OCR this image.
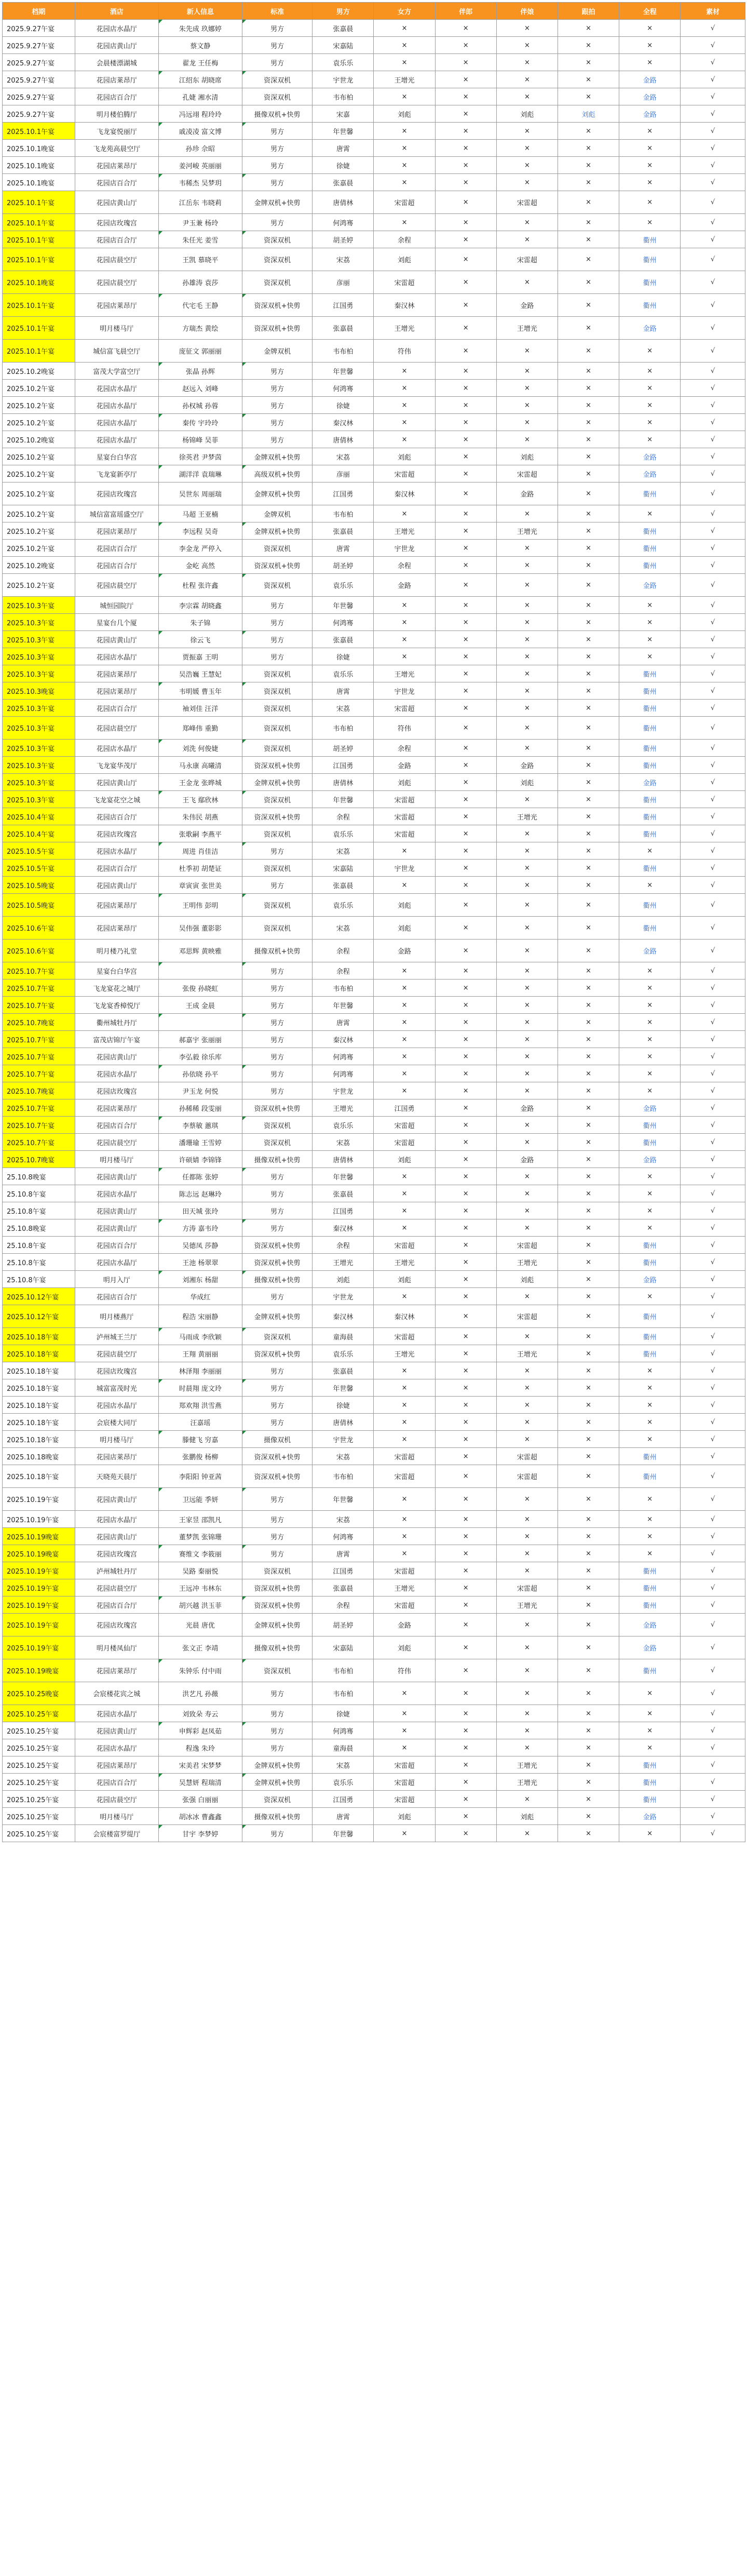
档期	酒店	新人信息	标准	男方	女方	伴郎	伴娘	跟拍	全程	素材
2025.9.27午宴	花园店水晶厅	朱先成 玖娜婷	男方	张嘉晨	×	×	×	×	×	√
2025.9.27午宴	花园店黄山厅	蔡文静	男方	宋嘉陆	×	×	×	×	×	√
2025.9.27午宴	会晨楼漂湖城	翟龙 王任梅	男方	袁乐乐	×	×	×	×	×	√
2025.9.27午宴	花园店莱昂厅	江绍东 胡晓席	资深双机	宇世龙	王增光	×	×	×	金路	√
2025.9.27午宴	花园店百合厅	孔婕 湘水清	资深双机	韦布柏	×	×	×	×	金路	√
2025.9.27午宴	明月楼伯腾厅	冯远翊 程玲玲	摄像双机+快剪	宋嘉	刘彪	×	刘彪	刘彪	金路	√
2025.10.1午宴	飞龙宴悦丽厅	戚凌凌 富文博	男方	年世馨	×	×	×	×	×	√
2025.10.1晚宴	飞龙苑高晨空厅	孙珍 佘昭	男方	唐霄	×	×	×	×	×	√
2025.10.1晚宴	花园店莱昂厅	姜河峻 英丽丽	男方	徐婕	×	×	×	×	×	√
2025.10.1晚宴	花园店百合厅	韦稀杰 吴梦玥	男方	张嘉晨	×	×	×	×	×	√
2025.10.1午宴	花园店黄山厅	江岳东 韦晓莉	金牌双机+快剪	唐倩林	宋雷超	×	宋雷超	×	×	√
2025.10.1午宴	花园店玫瑰宫	尹玉兼 杨玲	男方	何鸿骞	×	×	×	×	×	√
2025.10.1午宴	花园店百合厅	朱任光 姜雪	资深双机	胡圣婷	余程	×	×	×	衢州	√
2025.10.1午宴	花园店晨空厅	王凯 慕晓平	资深双机	宋荔	刘彪	×	宋雷超	×	衢州	√
2025.10.1晚宴	花园店晨空厅	孙雄涛 袁莎	资深双机	彦丽	宋雷超	×	×	×	衢州	√
2025.10.1午宴	花园店莱昂厅	代宅毛 王静	资深双机+快剪	江国勇	秦汉林	×	金路	×	衢州	√
2025.10.1午宴	明月楼马厅	方瑞杰 黄绘	资深双机+快剪	张嘉晨	王增光	×	王增光	×	金路	√
2025.10.1午宴	城信富飞晨空厅	庞征文 郭丽丽	金牌双机	韦布柏	符伟	×	×	×	×	√
2025.10.2晚宴	富茂大学富空厅	张晶 孙辉	男方	年世馨	×	×	×	×	×	√
2025.10.2午宴	花园店水晶厅	赵远入 刘峰	男方	何鸿骞	×	×	×	×	×	√
2025.10.2午宴	花园店水晶厅	孙权城 孙蓉	男方	徐婕	×	×	×	×	×	√
2025.10.2午宴	花园店水晶厅	秦传 宇玲玲	男方	秦汉林	×	×	×	×	×	√
2025.10.2晚宴	花园店水晶厅	杨锦峰 吴菲	男方	唐倩林	×	×	×	×	×	√
2025.10.2午宴	星宴台白华宫	徐英君 尹梦茵	金牌双机+快剪	宋荔	刘彪	×	刘彪	×	金路	√
2025.10.2午宴	飞龙宴新亭厅	湖洋洋 袁瑞琳	高级双机+快剪	彦丽	宋雷超	×	宋雷超	×	金路	√
2025.10.2午宴	花园店玫瑰宫	吴世东 周丽瑞	金牌双机+快剪	江国勇	秦汉林	×	金路	×	衢州	√
2025.10.2午宴	城信富富瑶盛空厅	马超 王亚楠	金牌双机	韦布柏	×	×	×	×	×	√
2025.10.2午宴	花园店莱昂厅	李远程 吴奇	金牌双机+快剪	张嘉晨	王增光	×	王增光	×	衢州	√
2025.10.2午宴	花园店百合厅	李金龙 严停入	资深双机	唐霄	宇世龙	×	×	×	衢州	√
2025.10.2晚宴	花园店百合厅	金屹 高然	资深双机+快剪	胡圣婷	余程	×	×	×	衢州	√
2025.10.2午宴	花园店晨空厅	杜程 张许鑫	资深双机	袁乐乐	金路	×	×	×	金路	√
2025.10.3午宴	城恒园院厅	李宗霖 胡晓鑫	男方	年世馨	×	×	×	×	×	√
2025.10.3午宴	星宴台几个厦	朱子锦	男方	何鸿骞	×	×	×	×	×	√
2025.10.3午宴	花园店黄山厅	徐云飞	男方	张嘉晨	×	×	×	×	×	√
2025.10.3午宴	花园店水晶厅	贾振嘉 王明	男方	徐婕	×	×	×	×	×	√
2025.10.3午宴	花园店莱昂厅	吴浩巍 王慧妃	资深双机	袁乐乐	王增光	×	×	×	衢州	√
2025.10.3晚宴	花园店莱昂厅	韦明媛 曹玉年	资深双机	唐霄	宇世龙	×	×	×	衢州	√
2025.10.3午宴	花园店百合厅	袖刘佳 汪洋	资深双机	宋荔	宋雷超	×	×	×	衢州	√
2025.10.3午宴	花园店晨空厅	郑峰伟 重勤	资深双机	韦布柏	符伟	×	×	×	衢州	√
2025.10.3午宴	花园店水晶厅	刘洗 何俊婕	资深双机	胡圣婷	余程	×	×	×	衢州	√
2025.10.3午宴	飞龙宴华茂厅	马永康 高曦清	资深双机+快剪	江国勇	金路	×	金路	×	衢州	√
2025.10.3午宴	花园店黄山厅	王金龙 张晔城	金牌双机+快剪	唐倩林	刘彪	×	刘彪	×	金路	√
2025.10.3午宴	飞龙宴花空之城	王飞 鄢欣林	资深双机	年世馨	宋雷超	×	×	×	衢州	√
2025.10.4午宴	花园店百合厅	朱伟民 胡燕	资深双机+快剪	余程	宋雷超	×	王增光	×	衢州	√
2025.10.4午宴	花园店玫瑰宫	张歌嗣 李燕平	资深双机	袁乐乐	宋雷超	×	×	×	衢州	√
2025.10.5午宴	花园店水晶厅	周进 肖佳洁	男方	宋荔	×	×	×	×	×	√
2025.10.5午宴	花园店百合厅	杜季初 胡楚证	资深双机	宋嘉陆	宇世龙	×	×	×	衢州	√
2025.10.5晚宴	花园店黄山厅	章寅寅 张世美	男方	张嘉晨	×	×	×	×	×	√
2025.10.5晚宴	花园店莱昂厅	王明伟 彭明	资深双机	袁乐乐	刘彪	×	×	×	衢州	√
2025.10.6午宴	花园店莱昂厅	吴伟强 董影影	资深双机	宋荔	刘彪	×	×	×	衢州	√
2025.10.6午宴	明月楼乃礼堂	邓思辉 黄映雅	摄像双机+快剪	余程	金路	×	×	×	金路	√
2025.10.7午宴	星宴台白华宫		男方	余程	×	×	×	×	×	√
2025.10.7午宴	飞龙宴花之城厅	张俊 孙晓虹	男方	韦布柏	×	×	×	×	×	√
2025.10.7午宴	飞龙宴香樟悦厅	王成 金晨	男方	年世馨	×	×	×	×	×	√
2025.10.7晚宴	衢州城牡丹厅		男方	唐霄	×	×	×	×	×	√
2025.10.7午宴	富茂店锦厅午宴	郝嘉宇 张丽丽	男方	秦汉林	×	×	×	×	×	√
2025.10.7午宴	花园店黄山厅	李弘毅 徐乐库	男方	何鸿骞	×	×	×	×	×	√
2025.10.7午宴	花园店水晶厅	孙依晓 孙平	男方	何鸿骞	×	×	×	×	×	√
2025.10.7晚宴	花园店玫瑰宫	尹玉龙 何悦	男方	宇世龙	×	×	×	×	×	√
2025.10.7午宴	花园店莱昂厅	孙稀稀 段雯丽	资深双机+快剪	王增光	江国勇	×	金路	×	金路	√
2025.10.7午宴	花园店百合厅	李蔡敏 蕙琪	资深双机	袁乐乐	宋雷超	×	×	×	衢州	√
2025.10.7午宴	花园店晨空厅	潘珊瑜 王雪婷	资深双机	宋荔	宋雷超	×	×	×	衢州	√
2025.10.7晚宴	明月楼马厅	许硕婧 李锦锋	摄像双机+快剪	唐倩林	刘彪	×	金路	×	金路	√
25.10.8晚宴	花园店黄山厅	任都陈 张婷	男方	年世馨	×	×	×	×	×	√
25.10.8午宴	花园店水晶厅	陈志远 赵琳玲	男方	张嘉晨	×	×	×	×	×	√
25.10.8午宴	花园店黄山厅	田天城 张玲	男方	江国勇	×	×	×	×	×	√
25.10.8晚宴	花园店黄山厅	方涛 嘉韦玲	男方	秦汉林	×	×	×	×	×	√
25.10.8午宴	花园店百合厅	吴德凤 莎静	资深双机+快剪	余程	宋雷超	×	宋雷超	×	衢州	√
25.10.8午宴	花园店水晶厅	王池 杨翠翠	资深双机+快剪	王增光	王增光	×	王增光	×	衢州	√
25.10.8午宴	明月入厅	刘湘东 杨甜	摄像双机+快剪	刘彪	刘彪	×	刘彪	×	金路	√
2025.10.12午宴	花园店百合厅	华成红	男方	宇世龙	×	×	×	×	×	√
2025.10.12午宴	明月楼燕厅	程浩 宋丽静	金牌双机+快剪	秦汉林	秦汉林	×	宋雷超	×	衢州	√
2025.10.18午宴	泸州城王兰厅	马雨成 李欣颖	资深双机	童海晨	宋雷超	×	×	×	衢州	√
2025.10.18午宴	花园店晨空厅	王翔 黄丽丽	资深双机+快剪	袁乐乐	王增光	×	王增光	×	衢州	√
2025.10.18午宴	花园店玫瑰宫	林泽翔 李丽丽	男方	张嘉晨	×	×	×	×	×	√
2025.10.18午宴	城富富茂时光	时晨翔 庞文玲	男方	年世馨	×	×	×	×	×	√
2025.10.18午宴	花园店水晶厅	郑欢翔 洪雪燕	男方	徐婕	×	×	×	×	×	√
2025.10.18午宴	会宸楼大同厅	汪嘉瑶	男方	唐倩林	×	×	×	×	×	√
2025.10.18午宴	明月楼马厅	滕健飞 穷嘉	摄像双机	宇世龙	×	×	×	×	×	√
2025.10.18晚宴	花园店莱昂厅	张鹏俊 杨柳	资深双机+快剪	宋荔	宋雷超	×	宋雷超	×	衢州	√
2025.10.18午宴	天晓苑天晨厅	李阳阳 钟亚茜	资深双机+快剪	韦布柏	宋雷超	×	宋雷超	×	衢州	√
2025.10.19午宴	花园店黄山厅	卫远能 季妍	男方	年世馨	×	×	×	×	×	√
2025.10.19午宴	花园店水晶厅	王家昱 邵凯凡	男方	宋荔	×	×	×	×	×	√
2025.10.19晚宴	花园店黄山厅	董梦凯 张锦珊	男方	何鸿骞	×	×	×	×	×	√
2025.10.19晚宴	花园店玫瑰宫	赛维文 李筱丽	男方	唐霄	×	×	×	×	×	√
2025.10.19午宴	泸州城牡丹厅	吴路 秦丽悦	资深双机	江国勇	宋雷超	×	×	×	衢州	√
2025.10.19午宴	花园店晨空厅	王远冲 韦林东	资深双机+快剪	张嘉晨	王增光	×	宋雷超	×	衢州	√
2025.10.19午宴	花园店百合厅	胡兴越 洪玉菲	资深双机+快剪	余程	宋雷超	×	王增光	×	衢州	√
2025.10.19午宴	花园店玫瑰宫	光晨 唐优	金牌双机+快剪	胡圣婷	金路	×	×	×	金路	√
2025.10.19午宴	明月楼凤仙厅	张文正 李靖	摄像双机+快剪	宋嘉陆	刘彪	×	×	×	金路	√
2025.10.19晚宴	花园店莱昂厅	朱钟乐 付中雨	资深双机	韦布柏	符伟	×	×	×	衢州	√
2025.10.25晚宴	会宸楼花宾之城	洪艺凡 孙薇	男方	韦布柏	×	×	×	×	×	√
2025.10.25午宴	花园店水晶厅	刘致朵 寿云	男方	徐婕	×	×	×	×	×	√
2025.10.25午宴	花园店黄山厅	申辉彩 赵凤茹	男方	何鸿骞	×	×	×	×	×	√
2025.10.25午宴	花园店水晶厅	程逸 朱玲	男方	童海晨	×	×	×	×	×	√
2025.10.25午宴	花园店莱昂厅	宋美君 宋梦梦	金牌双机+快剪	宋荔	宋雷超	×	王增光	×	衢州	√
2025.10.25午宴	花园店百合厅	吴慧妍 程瑞清	金牌双机+快剪	袁乐乐	宋雷超	×	王增光	×	衢州	√
2025.10.25午宴	花园店晨空厅	张强 白丽丽	资深双机	江国勇	宋雷超	×	×	×	衢州	√
2025.10.25午宴	明月楼马厅	胡冰冰 曹鑫鑫	摄像双机+快剪	唐霄	刘彪	×	刘彪	×	金路	√
2025.10.25午宴	会宸楼富罗缇厅	甘宇 李梦婷	男方	年世馨	×	×	×	×	×	√
